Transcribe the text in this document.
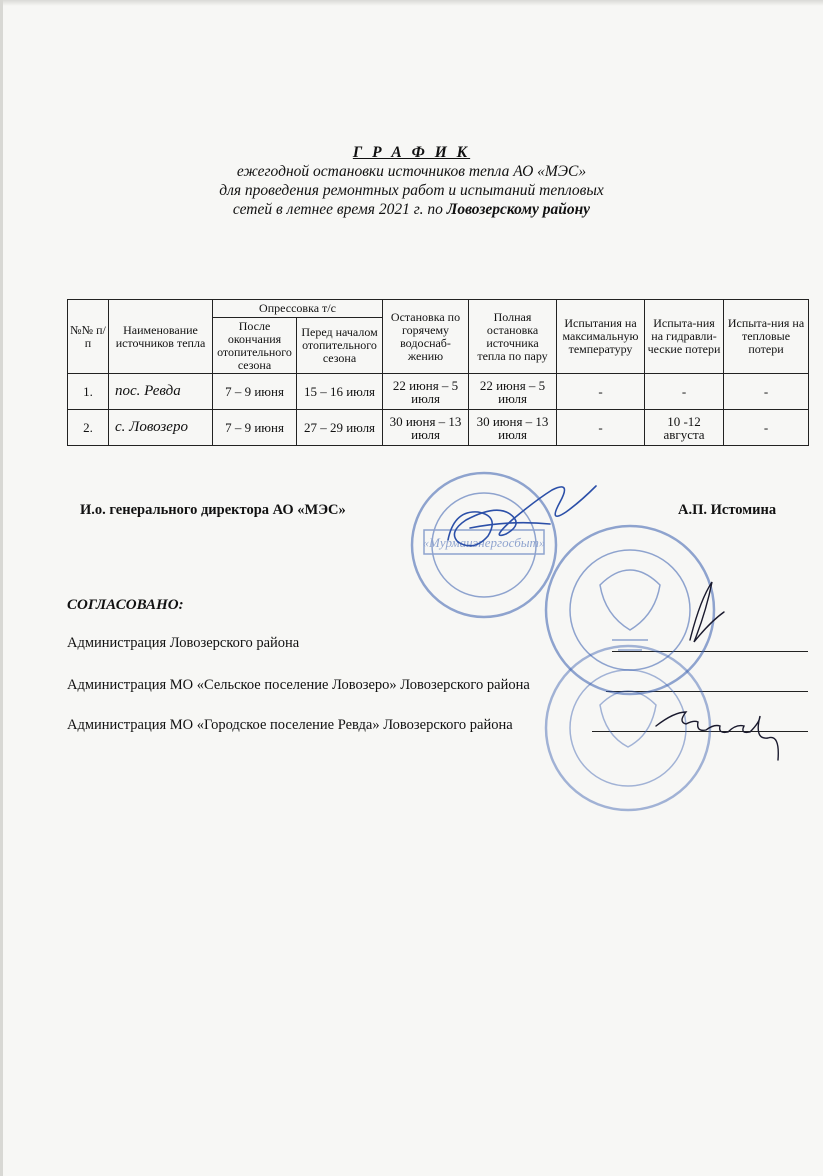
Г Р А Ф И К
ежегодной остановки источников тепла АО «МЭС»
для проведения ремонтных работ и испытаний тепловых
сетей в летнее время 2021 г. по Ловозерскому району
№№ п/п	Наименование источников тепла	Опрессовка т/с		Остановка по горячему водоснаб-жению	Полная остановка источника тепла по пару	Испытания на максимальную температуру	Испыта-ния на гидравли-ческие потери	Испыта-ния на тепловые потери
		После окончания отопительного сезона	Перед началом отопительного сезона					
1.	пос. Ревда	7 – 9 июня	15 – 16 июля	22 июня – 5 июля	22 июня – 5 июля	-	-	-
2.	с. Ловозеро	7 – 9 июня	27 – 29 июля	30 июня – 13 июля	30 июня – 13 июля	-	10 -12 августа	-
И.о. генерального директора АО «МЭС»	А.П. Истомина
СОГЛАСОВАНО:
Администрация Ловозерского района
Администрация МО «Сельское поселение Ловозеро» Ловозерского района
Администрация МО «Городское поселение Ревда» Ловозерского района
«Мурманэнергосбыт»
